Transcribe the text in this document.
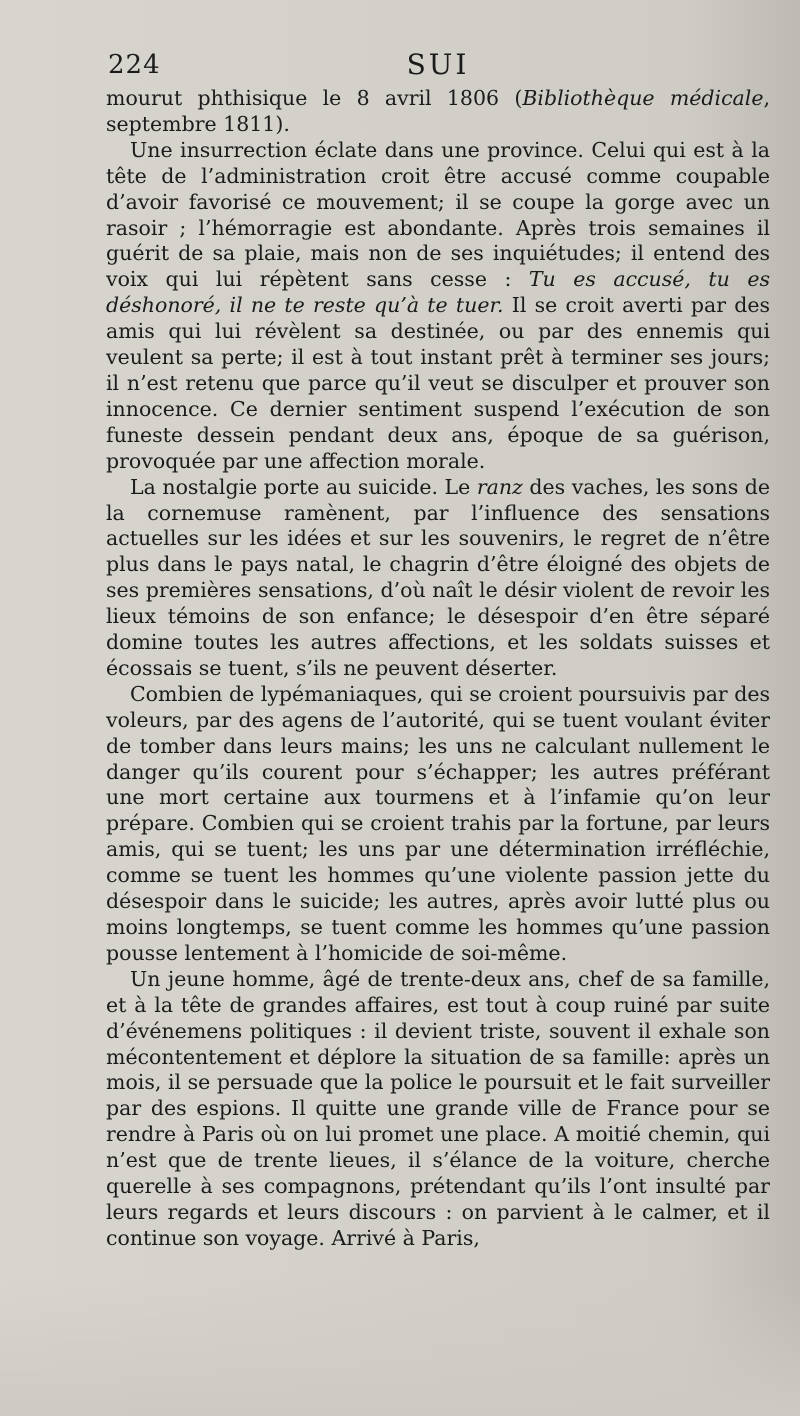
224	SUI

mourut phthisique le 8 avril 1806 (Bibliothèque médicale, septembre 1811).

Une insurrection éclate dans une province. Celui qui est à la tête de l’administration croit être accusé comme coupable d’avoir favorisé ce mouvement; il se coupe la gorge avec un rasoir ; l’hémorragie est abondante. Après trois semaines il guérit de sa plaie, mais non de ses inquiétudes; il entend des voix qui lui répètent sans cesse : Tu es accusé, tu es déshonoré, il ne te reste qu’à te tuer. Il se croit averti par des amis qui lui révèlent sa destinée, ou par des ennemis qui veulent sa perte; il est à tout instant prêt à terminer ses jours; il n’est retenu que parce qu’il veut se disculper et prouver son innocence. Ce dernier sentiment suspend l’exécution de son funeste dessein pendant deux ans, époque de sa guérison, provoquée par une affection morale.

La nostalgie porte au suicide. Le ranz des vaches, les sons de la cornemuse ramènent, par l’influence des sensations actuelles sur les idées et sur les souvenirs, le regret de n’être plus dans le pays natal, le chagrin d’être éloigné des objets de ses premières sensations, d’où naît le désir violent de revoir les lieux témoins de son enfance; le désespoir d’en être séparé domine toutes les autres affections, et les soldats suisses et écossais se tuent, s’ils ne peuvent déserter.

Combien de lypémaniaques, qui se croient poursuivis par des voleurs, par des agens de l’autorité, qui se tuent voulant éviter de tomber dans leurs mains; les uns ne calculant nullement le danger qu’ils courent pour s’échapper; les autres préférant une mort certaine aux tourmens et à l’infamie qu’on leur prépare. Combien qui se croient trahis par la fortune, par leurs amis, qui se tuent; les uns par une détermination irréfléchie, comme se tuent les hommes qu’une violente passion jette du désespoir dans le suicide; les autres, après avoir lutté plus ou moins longtemps, se tuent comme les hommes qu’une passion pousse lentement à l’homicide de soi-même.

Un jeune homme, âgé de trente-deux ans, chef de sa famille, et à la tête de grandes affaires, est tout à coup ruiné par suite d’événemens politiques : il devient triste, souvent il exhale son mécontentement et déplore la situation de sa famille: après un mois, il se persuade que la police le poursuit et le fait surveiller par des espions. Il quitte une grande ville de France pour se rendre à Paris où on lui promet une place. A moitié chemin, qui n’est que de trente lieues, il s’élance de la voiture, cherche querelle à ses compagnons, prétendant qu’ils l’ont insulté par leurs regards et leurs discours : on parvient à le calmer, et il continue son voyage. Arrivé à Paris,
